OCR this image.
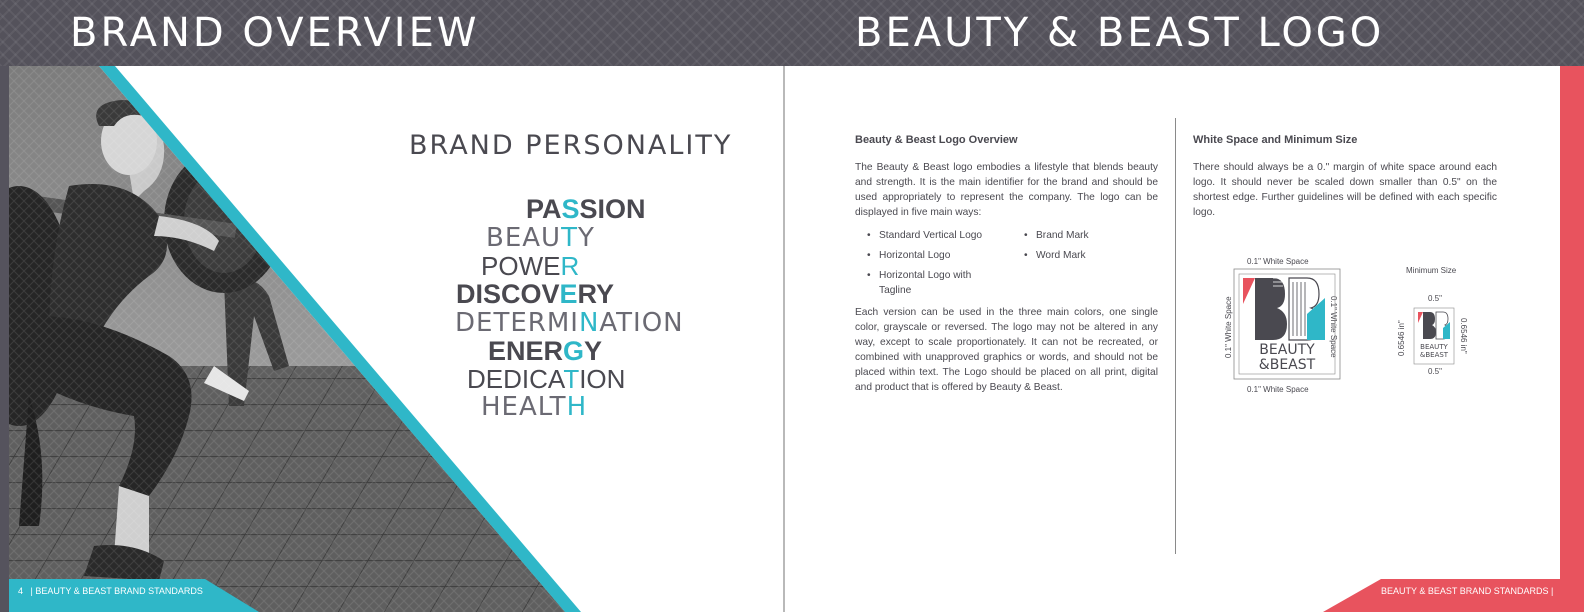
BRAND OVERVIEW	BEAUTY & BEAST LOGO
BRAND PERSONALITY
PASSION
BEAUTY
POWER
DISCOVERY
DETERMINATION
ENERGY
DEDICATION
HEALTH
4 | BEAUTY & BEAST BRAND STANDARDS
Beauty & Beast Logo Overview

The Beauty & Beast logo embodies a lifestyle that blends beauty and strength. It is the main identifier for the brand and should be used appropriately to represent the company. The logo can be displayed in five main ways:

• Standard Vertical Logo
• Horizontal Logo
• Horizontal Logo with Tagline
• Brand Mark
• Word Mark

Each version can be used in the three main colors, one single color, grayscale or reversed. The logo may not be altered in any way, except to scale proportionately. It can not be recreated, or combined with unapproved graphics or words, and should not be placed within text. The Logo should be placed on all print, digital and product that is offered by Beauty & Beast.

White Space and Minimum Size

There should always be a 0." margin of white space around each logo. It should never be scaled down smaller than 0.5" on the shortest edge. Further guidelines will be defined with each specific logo.

0.1" White Space
0.1" White Space
0.1" White Space	0.1" White Space
BEAUTY
&BEAST
Minimum Size
0.5"
0.5"
0.6546 in"	0.6546 in"
BEAUTY
&BEAST
BEAUTY & BEAST BRAND STANDARDS |
